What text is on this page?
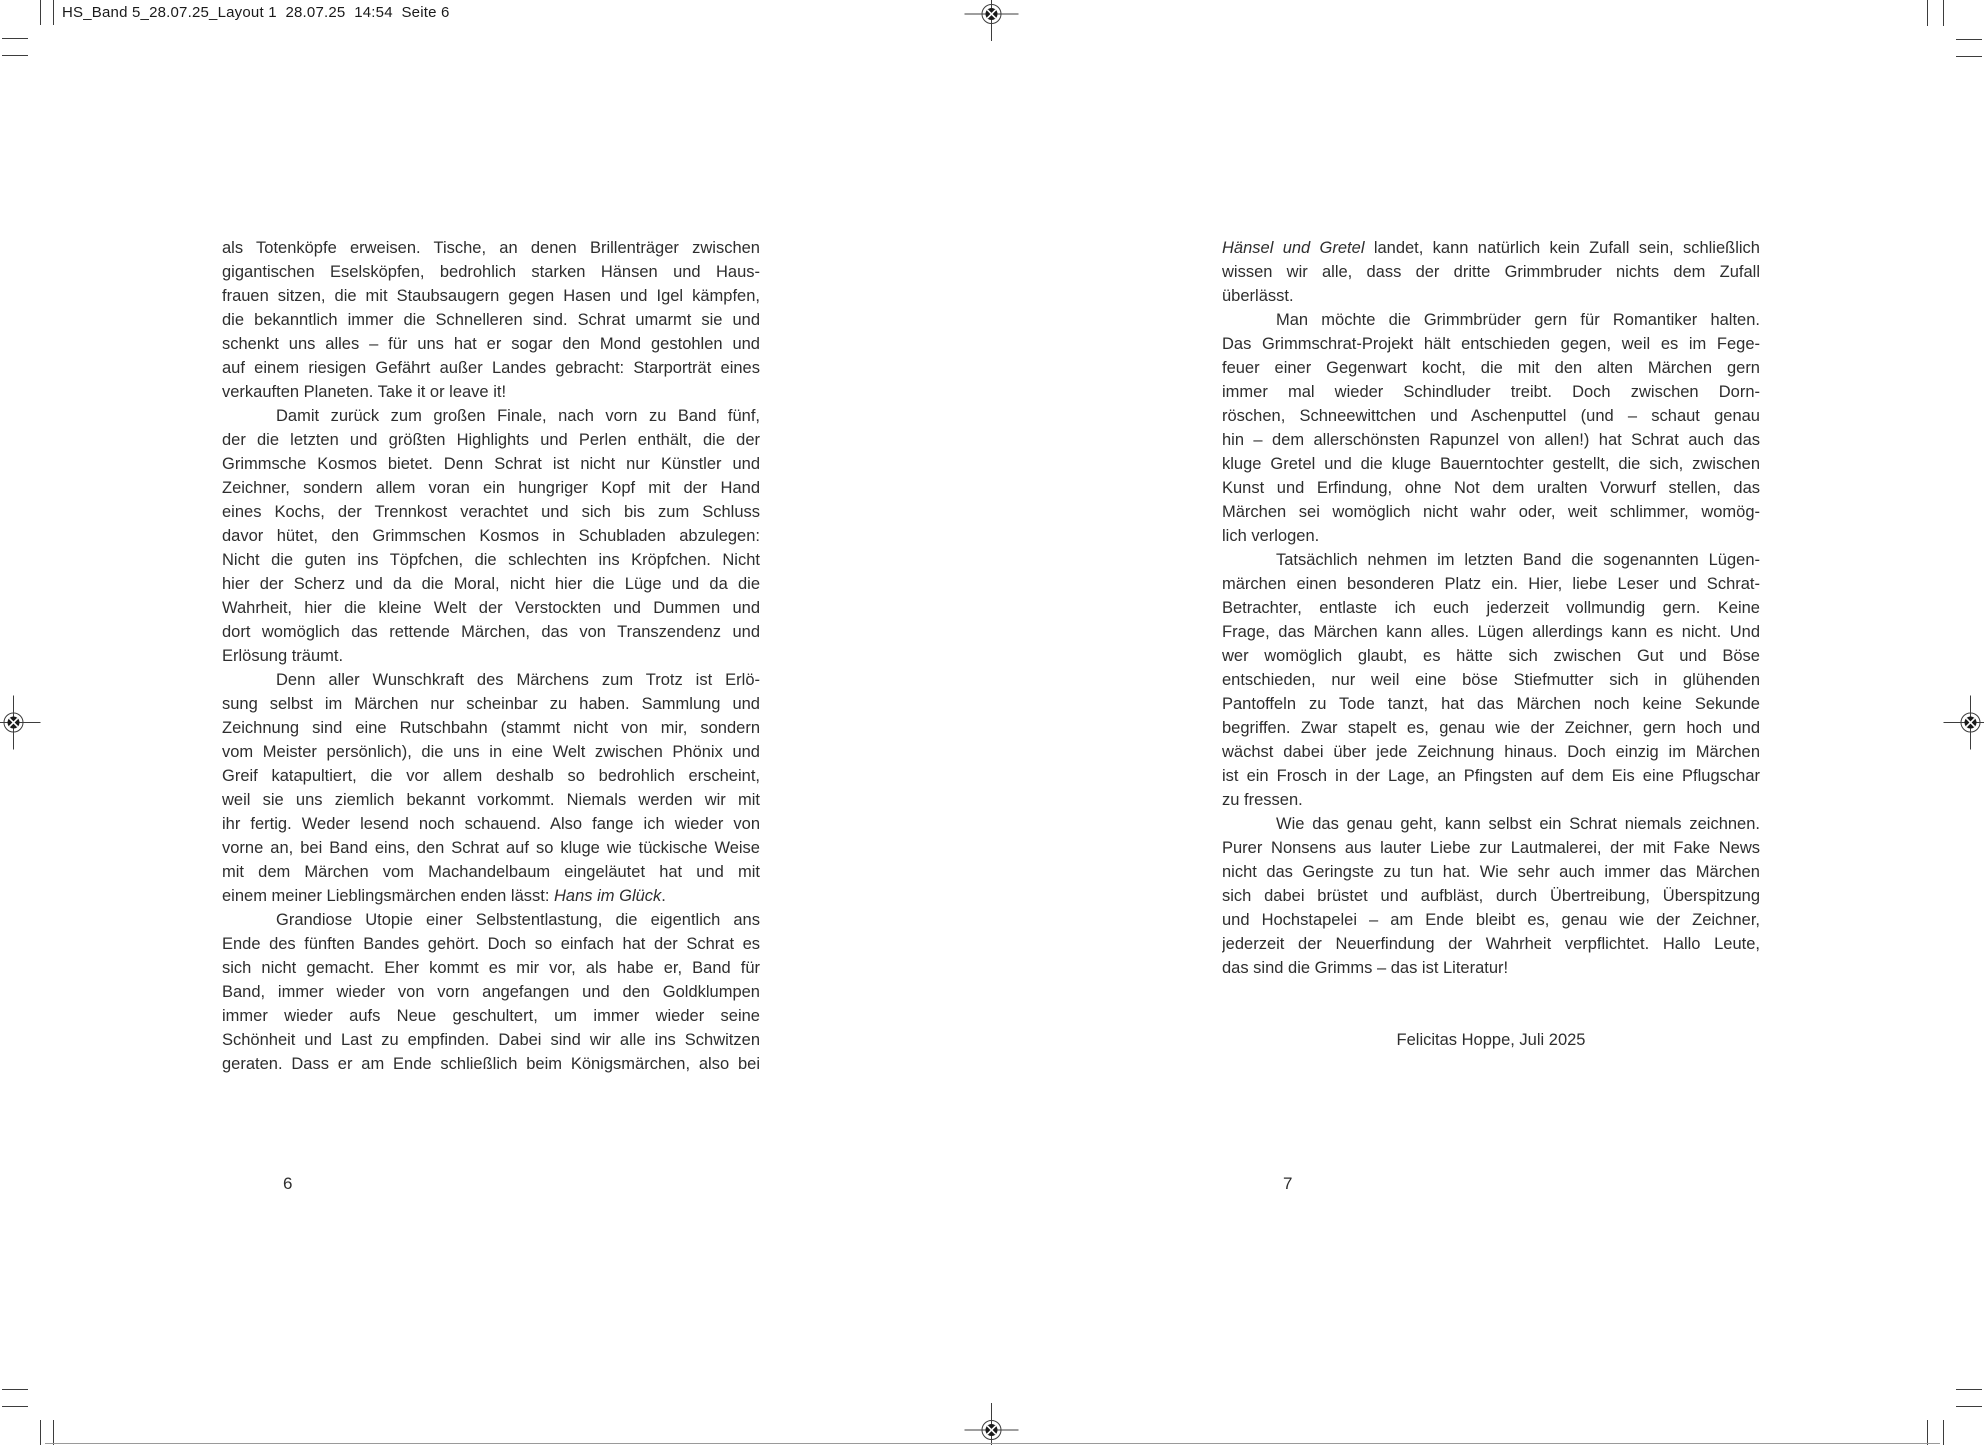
HS_Band 5_28.07.25_Layout 1  28.07.25  14:54  Seite 6
als Totenköpfe erweisen. Tische, an denen Brillenträger zwischen
gigantischen Eselsköpfen, bedrohlich starken Hänsen und Haus-
frauen sitzen, die mit Staubsaugern gegen Hasen und Igel kämpfen,
die bekanntlich immer die Schnelleren sind. Schrat umarmt sie und
schenkt uns alles – für uns hat er sogar den Mond gestohlen und
auf einem riesigen Gefährt außer Landes gebracht: Starporträt eines
verkauften Planeten. Take it or leave it!
Damit zurück zum großen Finale, nach vorn zu Band fünf,
der die letzten und größten Highlights und Perlen enthält, die der
Grimmsche Kosmos bietet. Denn Schrat ist nicht nur Künstler und
Zeichner, sondern allem voran ein hungriger Kopf mit der Hand
eines Kochs, der Trennkost verachtet und sich bis zum Schluss
davor hütet, den Grimmschen Kosmos in Schubladen abzulegen:
Nicht die guten ins Töpfchen, die schlechten ins Kröpfchen. Nicht
hier der Scherz und da die Moral, nicht hier die Lüge und da die
Wahrheit, hier die kleine Welt der Verstockten und Dummen und
dort womöglich das rettende Märchen, das von Transzendenz und
Erlösung träumt.
Denn aller Wunschkraft des Märchens zum Trotz ist Erlö-
sung selbst im Märchen nur scheinbar zu haben. Sammlung und
Zeichnung sind eine Rutschbahn (stammt nicht von mir, sondern
vom Meister persönlich), die uns in eine Welt zwischen Phönix und
Greif katapultiert, die vor allem deshalb so bedrohlich erscheint,
weil sie uns ziemlich bekannt vorkommt. Niemals werden wir mit
ihr fertig. Weder lesend noch schauend. Also fange ich wieder von
vorne an, bei Band eins, den Schrat auf so kluge wie tückische Weise
mit dem Märchen vom Machandelbaum eingeläutet hat und mit
einem meiner Lieblingsmärchen enden lässt: Hans im Glück.
Grandiose Utopie einer Selbstentlastung, die eigentlich ans
Ende des fünften Bandes gehört. Doch so einfach hat der Schrat es
sich nicht gemacht. Eher kommt es mir vor, als habe er, Band für
Band, immer wieder von vorn angefangen und den Goldklumpen
immer wieder aufs Neue geschultert, um immer wieder seine
Schönheit und Last zu empfinden. Dabei sind wir alle ins Schwitzen
geraten. Dass er am Ende schließlich beim Königsmärchen, also bei
6
Hänsel und Gretel landet, kann natürlich kein Zufall sein, schließlich
wissen wir alle, dass der dritte Grimmbruder nichts dem Zufall
überlässt.
Man möchte die Grimmbrüder gern für Romantiker halten.
Das Grimmschrat-Projekt hält entschieden gegen, weil es im Fege-
feuer einer Gegenwart kocht, die mit den alten Märchen gern
immer mal wieder Schindluder treibt. Doch zwischen Dorn-
röschen, Schneewittchen und Aschenputtel (und – schaut genau
hin – dem allerschönsten Rapunzel von allen!) hat Schrat auch das
kluge Gretel und die kluge Bauerntochter gestellt, die sich, zwischen
Kunst und Erfindung, ohne Not dem uralten Vorwurf stellen, das
Märchen sei womöglich nicht wahr oder, weit schlimmer, womög-
lich verlogen.
Tatsächlich nehmen im letzten Band die sogenannten Lügen-
märchen einen besonderen Platz ein. Hier, liebe Leser und Schrat-
Betrachter, entlaste ich euch jederzeit vollmundig gern. Keine
Frage, das Märchen kann alles. Lügen allerdings kann es nicht. Und
wer womöglich glaubt, es hätte sich zwischen Gut und Böse
entschieden, nur weil eine böse Stiefmutter sich in glühenden
Pantoffeln zu Tode tanzt, hat das Märchen noch keine Sekunde
begriffen. Zwar stapelt es, genau wie der Zeichner, gern hoch und
wächst dabei über jede Zeichnung hinaus. Doch einzig im Märchen
ist ein Frosch in der Lage, an Pfingsten auf dem Eis eine Pflugschar
zu fressen.
Wie das genau geht, kann selbst ein Schrat niemals zeichnen.
Purer Nonsens aus lauter Liebe zur Lautmalerei, der mit Fake News
nicht das Geringste zu tun hat. Wie sehr auch immer das Märchen
sich dabei brüstet und aufbläst, durch Übertreibung, Überspitzung
und Hochstapelei – am Ende bleibt es, genau wie der Zeichner,
jederzeit der Neuerfindung der Wahrheit verpflichtet. Hallo Leute,
das sind die Grimms – das ist Literatur!
Felicitas Hoppe, Juli 2025
7
